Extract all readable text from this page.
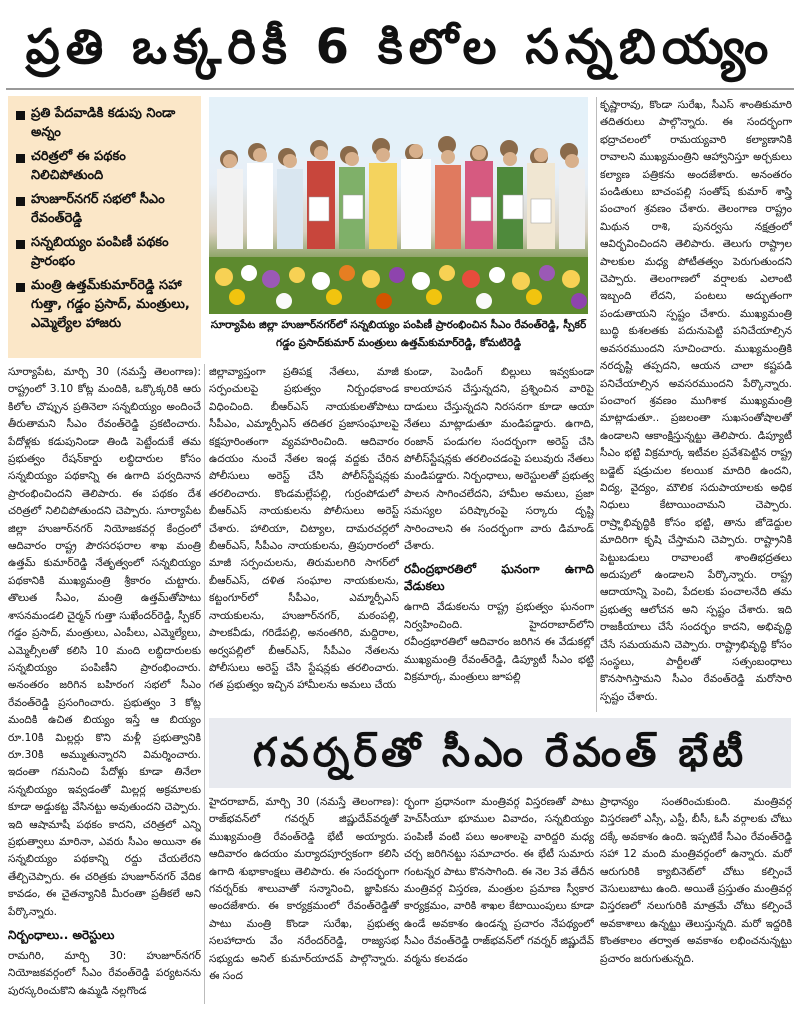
ప్రతి ఒక్కరికీ 6 కిలోల సన్నబియ్యం
ప్రతి పేదవాడికి కడుపు నిండా అన్నం
చరిత్రలో ఈ పథకం నిలిచిపోతుంది
హుజూర్‌నగర్ సభలో సీఎం రేవంత్‌రెడ్డి
సన్నబియ్యం పంపిణీ పథకం ప్రారంభం
మంత్రి ఉత్తమ్‌కుమార్‌రెడ్డి సహా గుత్తా, గడ్డం ప్రసాద్, మంత్రులు, ఎమ్మెల్యేల హాజరు	సూర్యాపేట జిల్లా హుజూర్‌నగర్‌లో సన్నబియ్యం పంపిణీ ప్రారంభించిన సీఎం రేవంత్‌రెడ్డి, స్పీకర్ గడ్డం ప్రసాద్‌కుమార్ మంత్రులు ఉత్తమ్‌కుమార్‌రెడ్డి, కోమటిరెడ్డి

సూర్యాపేట, మార్చి 30 (నమస్తే తెలంగాణ): రాష్ట్రంలో 3.10 కోట్ల మందికి, ఒక్కొక్కరికి ఆరు కిలోల చొప్పున ప్రతినెలా సన్నబియ్యం అందించే తీరుతామని సీఎం రేవంత్‌రెడ్డి ప్రకటించారు. పేదోళ్లకు కడుపునిండా తిండి పెట్టేందుకే తమ ప్రభుత్వం రేషన్‌కార్డు లబ్ధిదారుల కోసం సన్నబియ్యం పథకాన్ని ఈ ఉగాది పర్వదినాన ప్రారంభించిందని తెలిపారు. ఈ పథకం దేశ చరిత్రలో నిలిచిపోతుందని చెప్పారు. సూర్యాపేట జిల్లా హుజూర్‌నగర్ నియోజకవర్గ కేంద్రంలో ఆదివారం రాష్ట్ర పౌరసరఫరాల శాఖ మంత్రి ఉత్తమ్ కుమార్‌రెడ్డి నేతృత్వంలో సన్నబియ్యం పథకానికి ముఖ్యమంత్రి శ్రీకారం చుట్టారు. తొలుత సీఎం, మంత్రి ఉత్తమ్‌తోపాటు శాసనమండలి చైర్మన్ గుత్తా సుఖేందర్‌రెడ్డి, స్పీకర్ గడ్డం ప్రసాద్, మంత్రులు, ఎంపీలు, ఎమ్మెల్యేలు, ఎమ్మెల్సీలతో కలిసి 10 మంది లబ్ధిదారులకు సన్నబియ్యం పంపిణీని ప్రారంభించారు. అనంతరం జరిగిన బహిరంగ సభలో సీఎం రేవంత్‌రెడ్డి ప్రసంగించారు. ప్రభుత్వం 3 కోట్ల మందికి ఉచిత బియ్యం ఇస్తే ఆ బియ్యం రూ.10కి మిల్లర్లు కొని మళ్లీ ప్రభుత్వానికి రూ.30కి అమ్ముతున్నారని విమర్శించారు. ఇదంతా గమనించి పేదోళ్లు కూడా తినేలా సన్నబియ్యం ఇవ్వడంతో మిల్లర్ల అక్రమాలకు కూడా అడ్డుకట్ట వేసినట్టు అవుతుందని చెప్పారు. ఇది ఆషామాషీ పథకం కాదని, చరిత్రలో ఎన్ని ప్రభుత్వాలు మారినా, ఎవరు సీఎం అయినా ఈ సన్నబియ్యం పథకాన్ని రద్దు చేయలేరని తేల్చిచెప్పారు. ఈ చరిత్రకు హుజూర్‌నగర్ వేదిక కావడం, ఈ చైతన్యానికి మీరంతా ప్రతీకలే అని పేర్కొన్నారు.

నిర్బంధాలు.. అరెస్టులు

రామగిరి, మార్చి 30: హుజూర్‌నగర్ నియోజకవర్గంలో సీఎం రేవంత్‌రెడ్డి పర్యటనను పురస్కరించుకొని ఉమ్మడి నల్లగొండ

జిల్లావ్యాప్తంగా ప్రతిపక్ష నేతలు, మాజీ సర్పంచులపై ప్రభుత్వం నిర్బంధకాండ విధించింది. బీఆర్‌ఎస్ నాయకులతోపాటు సీపీఎం, ఎమ్మార్పీఎస్ తదితర ప్రజాసంఘాలపై కక్షపూరింతంగా వ్యవహరించింది. ఆదివారం ఉదయం నుంచే నేతల ఇండ్ల వద్దకు చేరిన పోలీసులు అరెస్ట్ చేసి పోలీస్‌స్టేషన్లకు తరలించారు. కొండమల్లేపల్లి, గుర్రంపోడులో బీఆర్‌ఎస్ నాయకులను పోలీసులు అరెస్ట్ చేశారు. హాలియా, చిట్యాల, దామరచర్లలో బీఆర్‌ఎస్, సీపీఎం నాయకులను, త్రిపురారంలో మాజీ సర్పంచులను, తిరుమలగిరి సాగర్‌లో బీఆర్‌ఎస్, దళిత సంఘాల నాయకులను, కట్టంగూర్‌లో సీపీఎం, ఎమ్మార్పీఎస్ నాయకులను, హుజూర్‌నగర్, మఠంపల్లి, పాలకవీడు, గరిడేపల్లి, అనంతగిరి, మద్దిరాల, అర్వపల్లిలో బీఆర్‌ఎస్, సీపీఎం నేతలను పోలీసులు అరెస్ట్ చేసి స్టేషన్లకు తరలించారు. గత ప్రభుత్వం ఇచ్చిన హామీలను అమలు చేయ

కుండా, పెండింగ్ బిల్లులు ఇవ్వకుండా కాలయాపన చేస్తున్నదని, ప్రశ్నించిన వారిపై దాడులు చేస్తున్నదని నిరసనగా కూడా ఆయా నేతలు మాట్లాడుతూ మండిపడ్డారు. ఉగాది, రంజాన్ పండుగల సందర్భంగా అరెస్ట్ చేసి పోలీస్‌స్టేషన్లకు తరలించడంపై పలువురు నేతలు మండిపడ్డారు. నిర్బంధాలు, అరెస్టులతో ప్రభుత్వ పాలన సాగించలేదని, హామీల అమలు, ప్రజా సమస్యల పరిష్కారంపై సర్కారు దృష్టి సారించాలని ఈ సందర్భంగా వారు డిమాండ్ చేశారు.

రవీంద్రభారతిలో ఘనంగా ఉగాది వేడుకలు

ఉగాది వేడుకలను రాష్ట్ర ప్రభుత్వం ఘనంగా నిర్వహించింది. హైదరాబాద్‌లోని రవీంద్రభారతిలో ఆదివారం జరిగిన ఈ వేడుకల్లో ముఖ్యమంత్రి రేవంత్‌రెడ్డి, డిప్యూటీ సీఎం భట్టి విక్రమార్క, మంత్రులు జూపల్లి

కృష్ణారావు, కొండా సురేఖ, సీఎస్ శాంతికుమారి తదితరులు పాల్గొన్నారు. ఈ సందర్భంగా భద్రాచలంలో రామయ్యవారి కల్యాణానికి రావాలని ముఖ్యమంత్రిని ఆహ్వానిస్తూ అర్చకులు కల్యాణ పత్రికను అందజేశారు. అనంతరం పండితులు బాచంపల్లి సంతోష్ కుమార్ శాస్త్రి పంచాంగ శ్రవణం చేశారు. తెలంగాణ రాష్ట్రం మిథున రాశి, పునర్వసు నక్షత్రంలో ఆవిర్భవించిందని తెలిపారు. తెలుగు రాష్ట్రాల పాలకుల మధ్య పోటీతత్వం పెరుగుతుందని చెప్పారు. తెలంగాణలో వర్షాలకు ఎలాంటి ఇబ్బంది లేదని, పంటలు అద్భుతంగా పండుతాయని స్పష్టం చేశారు. ముఖ్యమంత్రి బుద్ధి కుశలతకు పదునుపెట్టి పనిచేయాల్సిన అవసరముందని సూచించారు. ముఖ్యమంత్రికి నరదృష్టి తప్పదని, ఆయన చాలా కష్టపడి పనిచేయాల్సిన అవసరముందని పేర్కొన్నారు. పంచాంగ శ్రవణం ముగిశాక ముఖ్యమంత్రి మాట్లాడుతూ.. ప్రజలంతా సుఖసంతోషాలతో ఉండాలని ఆకాంక్షిస్తున్నట్టు తెలిపారు. డిప్యూటీ సీఎం భట్టి విక్రమార్క ఇటీవల ప్రవేశపెట్టిన రాష్ట్ర బడ్జెట్ షడ్రుచుల కలయిక మాదిరి ఉందని, విద్య, వైద్యం, మౌలిక సదుపాయాలకు అధిక నిధులు కేటాయించామని చెప్పారు. రాష్ర్టాభివృద్ధికి కోసం భట్టి, తాను జోడెద్దుల మాదిరిగా కృషి చేస్తామని చెప్పారు. రాష్ట్రానికి పెట్టుబడులు రావాలంటే శాంతిభద్రతలు అదుపులో ఉండాలని పేర్కొన్నారు. రాష్ట్ర ఆదాయాన్ని పెంచి, పేదలకు పంచాలనేది తమ ప్రభుత్వ ఆలోచన అని స్పష్టం చేశారు. ఇది రాజకీయాలు చేసే సందర్భం కాదని, అభివృద్ధి చేసే సమయమని చెప్పారు. రాష్ట్రాభివృద్ధి కోసం సంస్థలు, పార్టీలతో సత్సంబంధాలు కొనసాగిస్తామని సీఎం రేవంత్‌రెడ్డి మరోసారి స్పష్టం చేశారు.

గవర్నర్‌తో సీఎం రేవంత్ భేటీ

హైదరాబాద్, మార్చి 30 (నమస్తే తెలంగాణ): రాజ్‌భవన్‌లో గవర్నర్ జిష్ణుదేవ్‌వర్మతో ముఖ్యమంత్రి రేవంత్‌రెడ్డి భేటీ అయ్యారు. ఆదివారం ఉదయం మర్యాదపూర్వకంగా కలిసి ఉగాది శుభాకాంక్షలు తెలిపారు. ఈ సందర్భంగా గవర్నర్‌కు శాలువాతో సన్మానించి, జ్ఞాపికను అందజేశారు. ఈ కార్యక్రమంలో రేవంత్‌రెడ్డితో పాటు మంత్రి కొండా సురేఖ, ప్రభుత్వ సలహాదారు వేం నరేందర్‌రెడ్డి, రాజ్యసభ సభ్యుడు అనిల్ కుమార్‌యాదవ్ పాల్గొన్నారు. ఈ సంద

ర్భంగా ప్రధానంగా మంత్రివర్గ విస్తరణతో పాటు హెచ్‌సీయూ భూముల వివాదం, సన్నబియ్యం పంపిణీ వంటి పలు అంశాలపై వారిద్దరి మధ్య చర్చ జరిగినట్టు సమాచారం. ఈ భేటీ సుమారు గంటన్నర పాటు కొనసాగింది. ఈ నెల 3వ తేదీన మంత్రివర్గ విస్తరణ, మంత్రుల ప్రమాణ స్వీకార కార్యక్రమం, వారికి శాఖల కేటాయింపులు కూడా ఉండే అవకాశం ఉండన్న ప్రచారం నేపథ్యంలో సీఎం రేవంత్‌రెడ్డి రాజ్‌భవన్‌లో గవర్నర్ జిష్ణుదేవ్ వర్మను కలవడం

ప్రాధాన్యం సంతరించుకుంది. మంత్రివర్గ విస్తరణలో ఎస్సీ, ఎస్టీ, బీసీ, ఓసీ వర్గాలకు చోటు దక్కే అవకాశం ఉంది. ఇప్పటికే సీఎం రేవంత్‌రెడ్డి సహా 12 మంది మంత్రివర్గంలో ఉన్నారు. మరో ఆరుగురికి క్యాబినెట్‌లో చోటు కల్పించే వెసులుబాటు ఉంది. అయితే ప్రస్తుతం మంత్రివర్గ విస్తరణలో నలుగురికి మాత్రమే చోటు కల్పించే అవకాశాలు ఉన్నట్టు తెలుస్తున్నది. మరో ఇద్దరికి కొంతకాలం తర్వాత అవకాశం లభించనున్నట్టు ప్రచారం జరుగుతున్నది.
